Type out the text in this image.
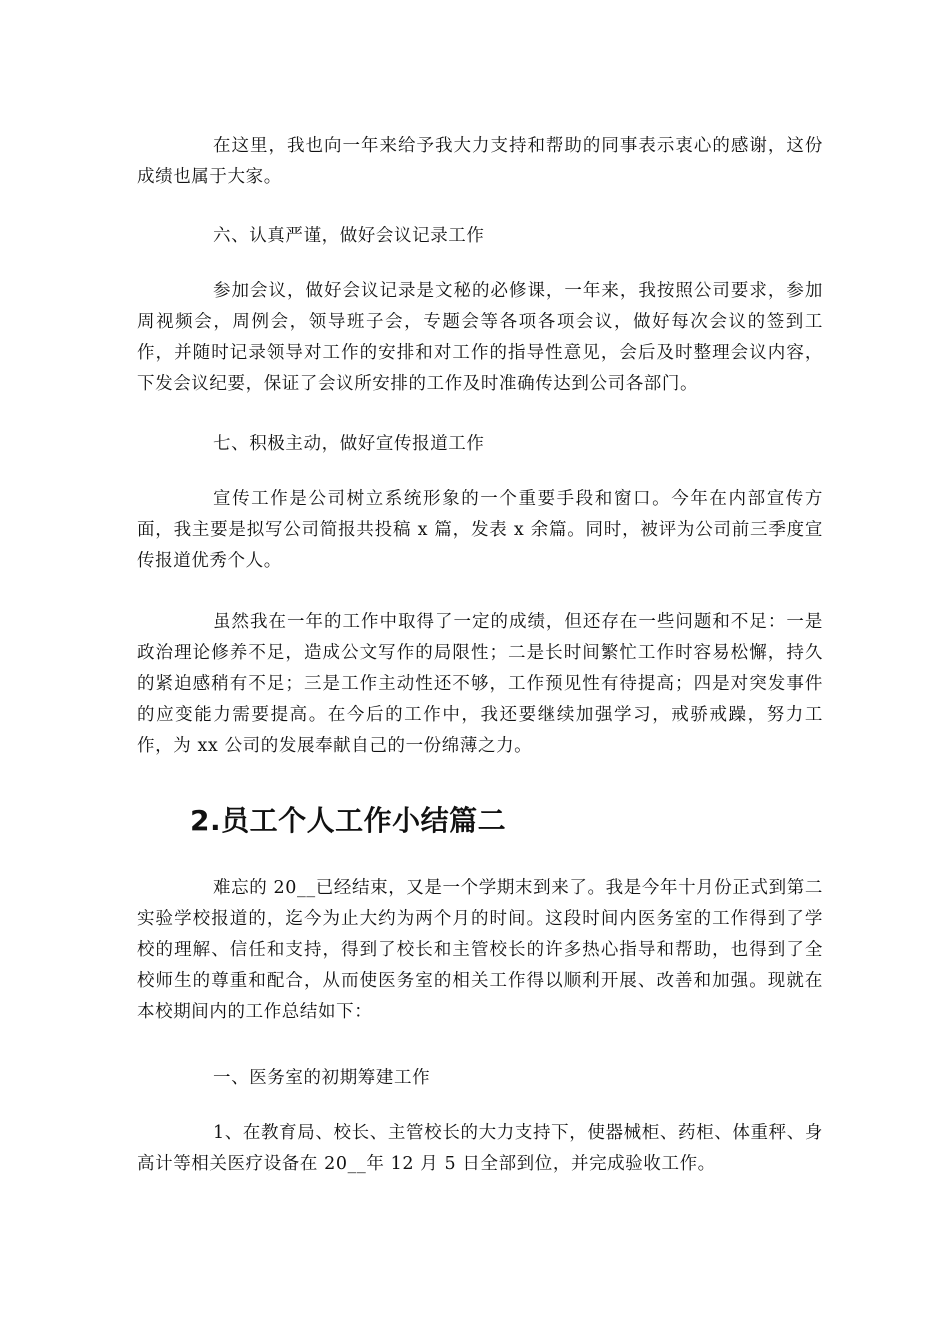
在这里，我也向一年来给予我大力支持和帮助的同事表示衷心的感谢，这份成绩也属于大家。

六、认真严谨，做好会议记录工作

参加会议，做好会议记录是文秘的必修课，一年来，我按照公司要求，参加周视频会，周例会，领导班子会，专题会等各项各项会议，做好每次会议的签到工作，并随时记录领导对工作的安排和对工作的指导性意见，会后及时整理会议内容，下发会议纪要，保证了会议所安排的工作及时准确传达到公司各部门。

七、积极主动，做好宣传报道工作

宣传工作是公司树立系统形象的一个重要手段和窗口。今年在内部宣传方面，我主要是拟写公司简报共投稿 x 篇，发表 x 余篇。同时，被评为公司前三季度宣传报道优秀个人。

虽然我在一年的工作中取得了一定的成绩，但还存在一些问题和不足：一是政治理论修养不足，造成公文写作的局限性；二是长时间繁忙工作时容易松懈，持久的紧迫感稍有不足；三是工作主动性还不够，工作预见性有待提高；四是对突发事件的应变能力需要提高。在今后的工作中，我还要继续加强学习，戒骄戒躁，努力工作，为 xx 公司的发展奉献自己的一份绵薄之力。

2.员工个人工作小结篇二

难忘的 20__已经结束，又是一个学期末到来了。我是今年十月份正式到第二实验学校报道的，迄今为止大约为两个月的时间。这段时间内医务室的工作得到了学校的理解、信任和支持，得到了校长和主管校长的许多热心指导和帮助，也得到了全校师生的尊重和配合，从而使医务室的相关工作得以顺利开展、改善和加强。现就在本校期间内的工作总结如下：

一、医务室的初期筹建工作

1、在教育局、校长、主管校长的大力支持下，使器械柜、药柜、体重秤、身高计等相关医疗设备在 20__年 12 月 5 日全部到位，并完成验收工作。
